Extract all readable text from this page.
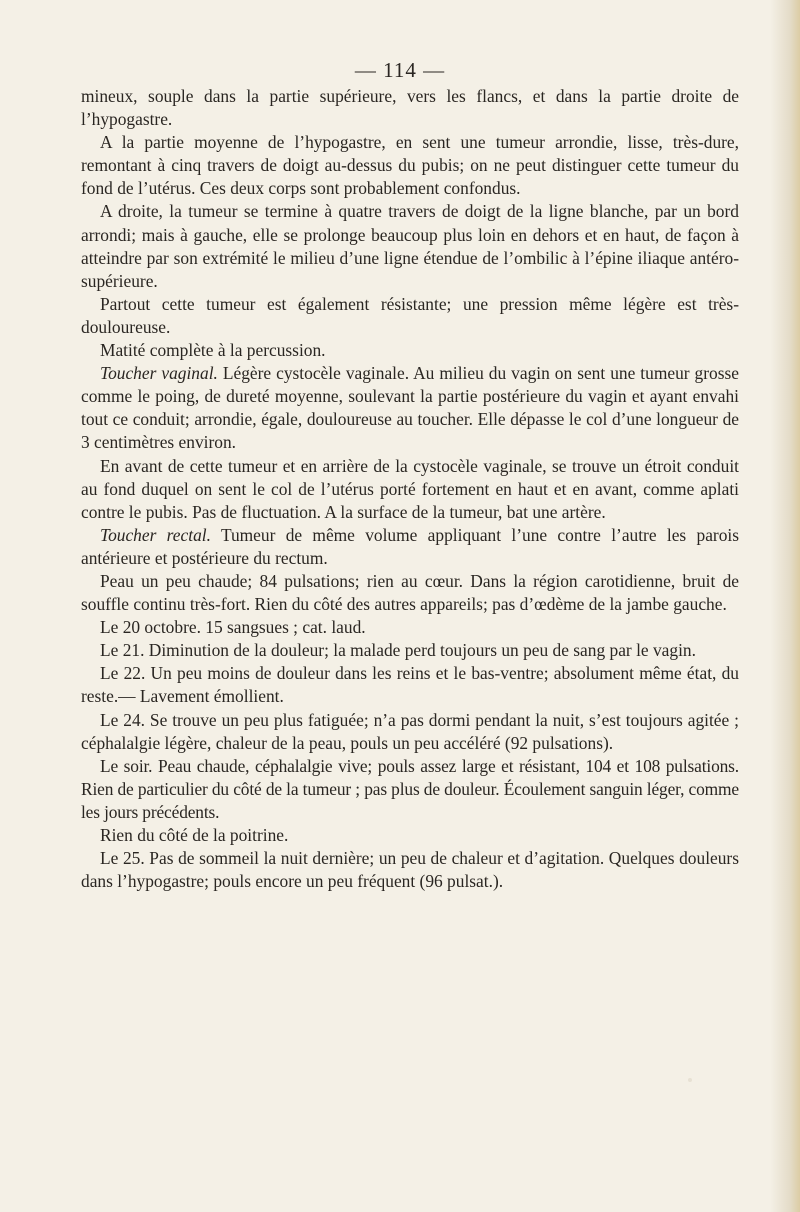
— 114 —

mineux, souple dans la partie supérieure, vers les flancs, et dans la partie droite de l’hypogastre.

A la partie moyenne de l’hypogastre, en sent une tumeur arrondie, lisse, très-dure, remontant à cinq travers de doigt au-dessus du pubis; on ne peut distinguer cette tumeur du fond de l’utérus. Ces deux corps sont probablement confondus.

A droite, la tumeur se termine à quatre travers de doigt de la ligne blanche, par un bord arrondi; mais à gauche, elle se prolonge beaucoup plus loin en dehors et en haut, de façon à atteindre par son extrémité le milieu d’une ligne étendue de l’ombilic à l’épine iliaque antéro-supérieure.

Partout cette tumeur est également résistante; une pression même légère est très-douloureuse.

Matité complète à la percussion.

Toucher vaginal. Légère cystocèle vaginale. Au milieu du vagin on sent une tumeur grosse comme le poing, de dureté moyenne, soulevant la partie postérieure du vagin et ayant envahi tout ce conduit; arrondie, égale, douloureuse au toucher. Elle dépasse le col d’une longueur de 3 centimètres environ.

En avant de cette tumeur et en arrière de la cystocèle vaginale, se trouve un étroit conduit au fond duquel on sent le col de l’utérus porté fortement en haut et en avant, comme aplati contre le pubis. Pas de fluctuation. A la surface de la tumeur, bat une artère.

Toucher rectal. Tumeur de même volume appliquant l’une contre l’autre les parois antérieure et postérieure du rectum.

Peau un peu chaude; 84 pulsations; rien au cœur. Dans la région carotidienne, bruit de souffle continu très-fort. Rien du côté des autres appareils; pas d’œdème de la jambe gauche.

Le 20 octobre. 15 sangsues ; cat. laud.

Le 21. Diminution de la douleur; la malade perd toujours un peu de sang par le vagin.

Le 22. Un peu moins de douleur dans les reins et le bas-ventre; absolument même état, du reste.— Lavement émollient.

Le 24. Se trouve un peu plus fatiguée; n’a pas dormi pendant la nuit, s’est toujours agitée ; céphalalgie légère, chaleur de la peau, pouls un peu accéléré (92 pulsations).

Le soir. Peau chaude, céphalalgie vive; pouls assez large et résistant, 104 et 108 pulsations. Rien de particulier du côté de la tumeur ; pas plus de douleur. Écoulement sanguin léger, comme les jours précédents.

Rien du côté de la poitrine.

Le 25. Pas de sommeil la nuit dernière; un peu de chaleur et d’agitation. Quelques douleurs dans l’hypogastre; pouls encore un peu fréquent (96 pulsat.).
